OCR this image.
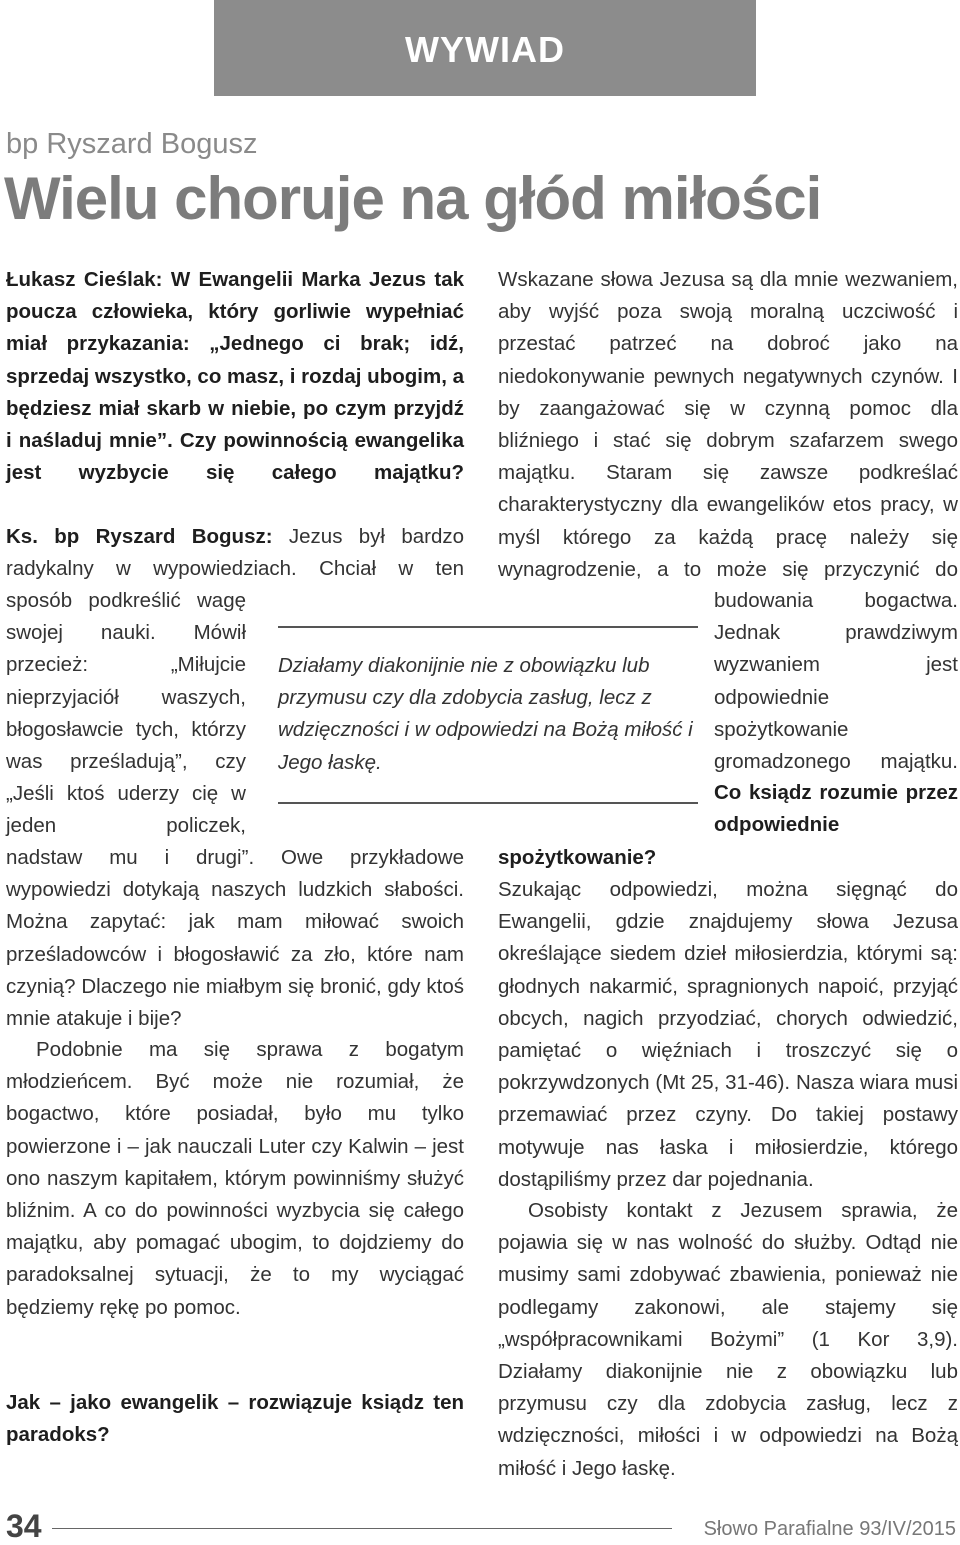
WYWIAD
bp Ryszard Bogusz
Wielu choruje na głód miłości

Łukasz Cieślak: W Ewangelii Marka Jezus tak poucza człowieka, który gorliwie wypełniać miał przykazania: „Jednego ci brak; idź, sprzedaj wszystko, co masz, i rozdaj ubogim, a będziesz miał skarb w niebie, po czym przyjdź i naśladuj mnie”. Czy powinnością ewangelika jest wyzbycie się całego majątku?

Ks. bp Ryszard Bogusz: Jezus był bardzo radykalny w wypowiedziach. Chciał w ten

sposób podkreślić wagę swojej nauki. Mówił przecież: „Miłujcie nieprzyjaciół waszych, błogosławcie tych, którzy was prześladują”, czy „Jeśli ktoś uderzy cię w jeden policzek,

nadstaw mu i drugi”. Owe przykładowe wypowiedzi dotykają naszych ludzkich słabości. Można zapytać: jak mam miłować swoich prześladowców i błogosławić za zło, które nam czynią? Dlaczego nie miałbym się bronić, gdy ktoś mnie atakuje i bije?

Podobnie ma się sprawa z bogatym młodzieńcem. Być może nie rozumiał, że bogactwo, które posiadał, było mu tylko powierzone i – jak nauczali Luter czy Kalwin – jest ono naszym kapitałem, którym powinniśmy służyć bliźnim. A co do powinności wyzbycia się całego majątku, aby pomagać ubogim, to dojdziemy do paradoksalnej sytuacji, że to my wyciągać będziemy rękę po pomoc.

Jak – jako ewangelik – rozwiązuje ksiądz ten paradoks?

Działamy diakonijnie nie z obowiązku lub przymusu czy dla zdobycia zasług, lecz z wdzięczności i w odpowiedzi na Bożą miłość i Jego łaskę.

Wskazane słowa Jezusa są dla mnie wezwaniem, aby wyjść poza swoją moralną uczciwość i przestać patrzeć na dobroć jako na niedokonywanie pewnych negatywnych czynów. I by zaangażować się w czynną pomoc dla bliźniego i stać się dobrym szafarzem swego majątku. Staram się zawsze podkreślać charakterystyczny dla ewangelików etos pracy, w myśl którego za każdą pracę należy się wynagrodzenie, a to może się przyczynić do

budowania bogactwa. Jednak prawdziwym wyzwaniem jest odpowiednie spożytkowanie gromadzonego majątku.

Co ksiądz rozumie przez odpowiednie

spożytkowanie?

Szukając odpowiedzi, można sięgnąć do Ewangelii, gdzie znajdujemy słowa Jezusa określające siedem dzieł miłosierdzia, którymi są: głodnych nakarmić, spragnionych napoić, przyjąć obcych, nagich przyodziać, chorych odwiedzić, pamiętać o więźniach i troszczyć się o pokrzywdzonych (Mt 25, 31-46). Nasza wiara musi przemawiać przez czyny. Do takiej postawy motywuje nas łaska i miłosierdzie, którego dostąpiliśmy przez dar pojednania.

Osobisty kontakt z Jezusem sprawia, że pojawia się w nas wolność do służby. Odtąd nie musimy sami zdobywać zbawienia, ponieważ nie podlegamy zakonowi, ale stajemy się „współpracownikami Bożymi” (1 Kor 3,9). Działamy diakonijnie nie z obowiązku lub przymusu czy dla zdobycia zasług, lecz z wdzięczności, miłości i w odpowiedzi na Bożą miłość i Jego łaskę.

34	Słowo Parafialne 93/IV/2015
